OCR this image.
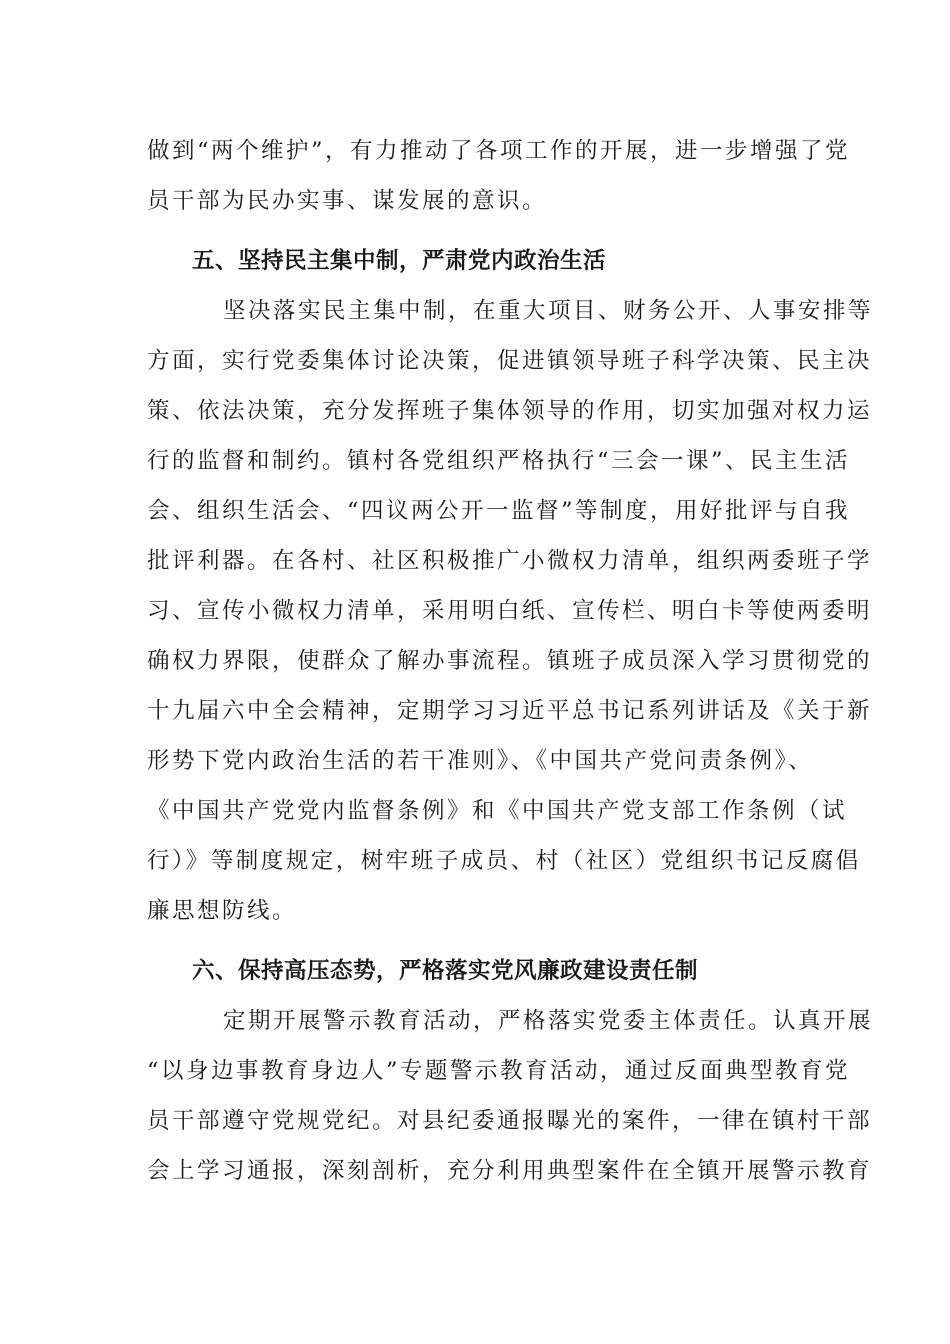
做到“两个维护”，有力推动了各项工作的开展，进一步增强了党
员干部为民办实事、谋发展的意识。
五、坚持民主集中制，严肃党内政治生活
坚决落实民主集中制，在重大项目、财务公开、人事安排等
方面，实行党委集体讨论决策，促进镇领导班子科学决策、民主决
策、依法决策，充分发挥班子集体领导的作用，切实加强对权力运
行的监督和制约。镇村各党组织严格执行“三会一课”、民主生活
会、组织生活会、“四议两公开一监督”等制度，用好批评与自我
批评利器。在各村、社区积极推广小微权力清单，组织两委班子学
习、宣传小微权力清单，采用明白纸、宣传栏、明白卡等使两委明
确权力界限，使群众了解办事流程。镇班子成员深入学习贯彻党的
十九届六中全会精神，定期学习习近平总书记系列讲话及《关于新
形势下党内政治生活的若干准则》、《中国共产党问责条例》、
《中国共产党党内监督条例》和《中国共产党支部工作条例（试
行）》等制度规定，树牢班子成员、村（社区）党组织书记反腐倡
廉思想防线。
六、保持高压态势，严格落实党风廉政建设责任制
定期开展警示教育活动，严格落实党委主体责任。认真开展
“以身边事教育身边人”专题警示教育活动，通过反面典型教育党
员干部遵守党规党纪。对县纪委通报曝光的案件，一律在镇村干部
会上学习通报，深刻剖析，充分利用典型案件在全镇开展警示教育
